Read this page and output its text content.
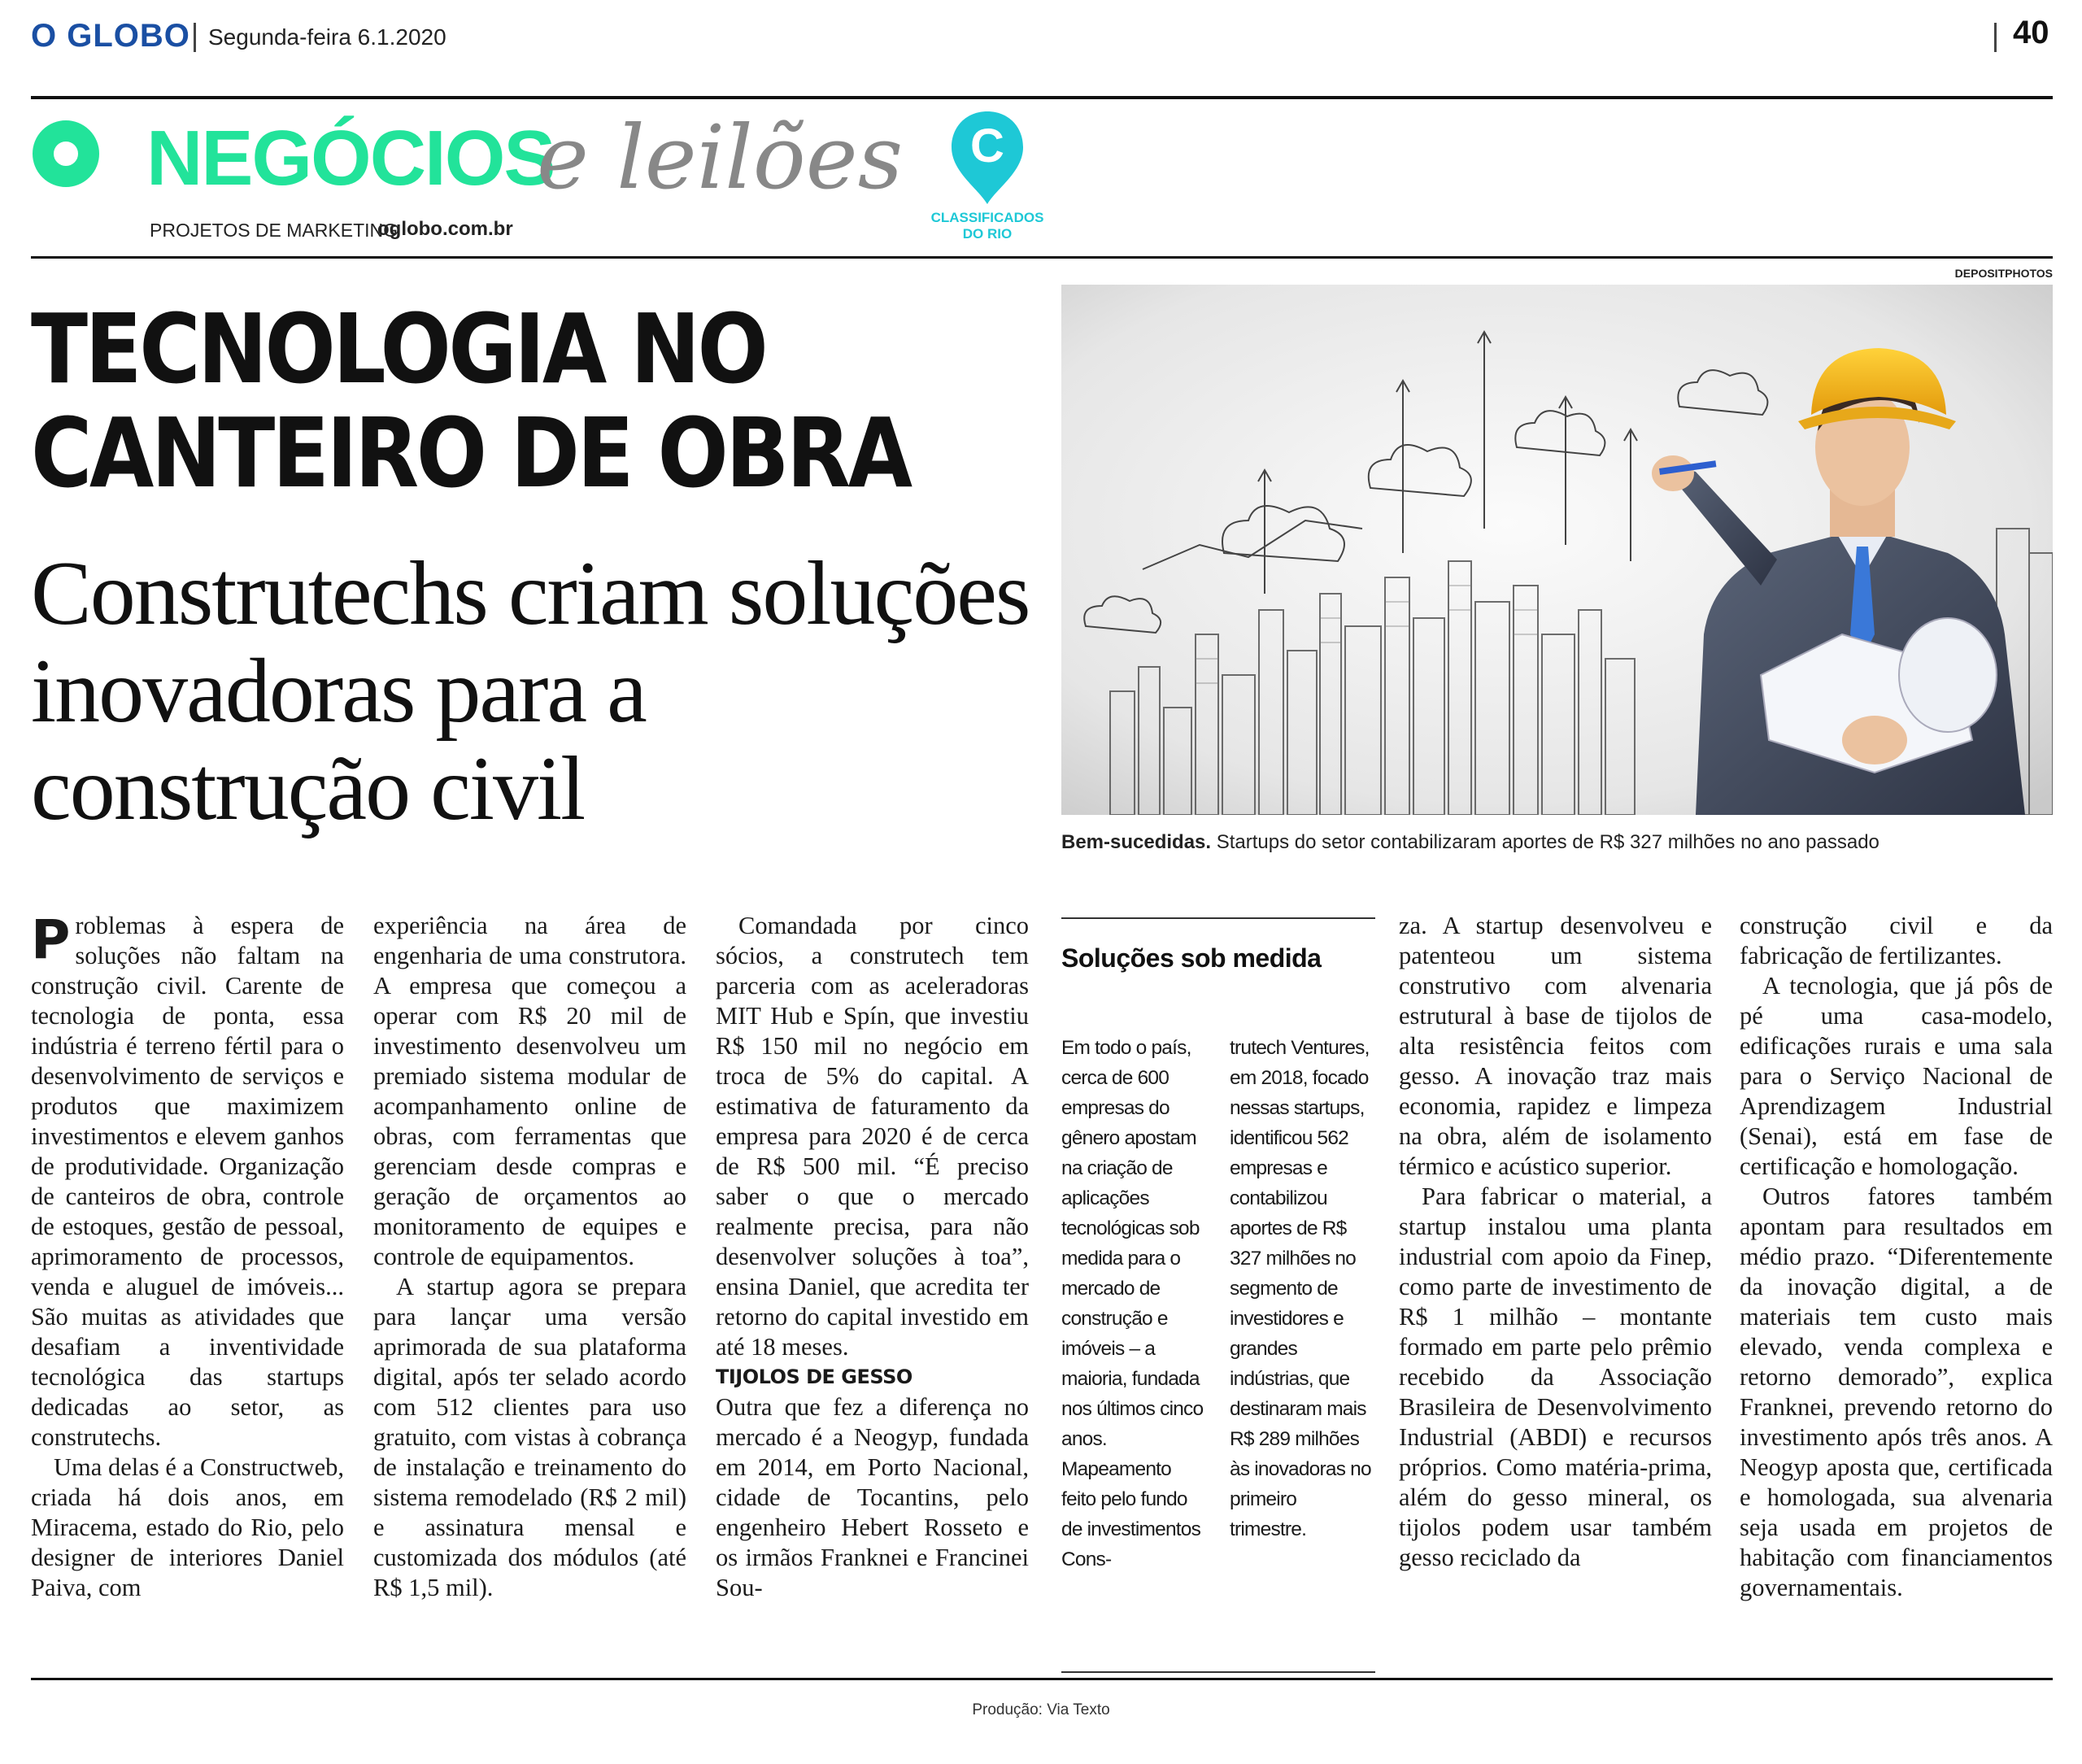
O GLOBO Segunda-feira 6.1.2020	40
NEGÓCIOS
e leilões
PROJETOS DE MARKETING
oglobo.com.br
C
CLASSIFICADOS
DO RIO
TECNOLOGIA NO
CANTEIRO DE OBRA
Construtechs criam soluções inovadoras para a construção civil
DEPOSITPHOTOS
Bem-sucedidas. Startups do setor contabilizaram aportes de R$ 327 milhões no ano passado

Problemas à espera de soluções não faltam na construção civil. Carente de tecnologia de ponta, essa indústria é terreno fértil para o desenvolvimento de serviços e produtos que maximizem investimentos e elevem ganhos de produtividade. Organização de canteiros de obra, controle de estoques, gestão de pessoal, aprimoramento de processos, venda e aluguel de imóveis... São muitas as atividades que desafiam a inventividade tecnológica das startups dedicadas ao setor, as construtechs.

Uma delas é a Constructweb, criada há dois anos, em Miracema, estado do Rio, pelo designer de interiores Daniel Paiva, com

experiência na área de engenharia de uma construtora. A empresa que começou a operar com R$ 20 mil de investimento desenvolveu um premiado sistema modular de acompanhamento online de obras, com ferramentas que gerenciam desde compras e geração de orçamentos ao monitoramento de equipes e controle de equipamentos.

A startup agora se prepara para lançar uma versão aprimorada de sua plataforma digital, após ter selado acordo com 512 clientes para uso gratuito, com vistas à cobrança de instalação e treinamento do sistema remodelado (R$ 2 mil) e assinatura mensal e customizada dos módulos (até R$ 1,5 mil).

Comandada por cinco sócios, a construtech tem parceria com as aceleradoras MIT Hub e Spín, que investiu R$ 150 mil no negócio em troca de 5% do capital. A estimativa de faturamento da empresa para 2020 é de cerca de R$ 500 mil. “É preciso saber o que o mercado realmente precisa, para não desenvolver soluções à toa”, ensina Daniel, que acredita ter retorno do capital investido em até 18 meses.

TIJOLOS DE GESSO

Outra que fez a diferença no mercado é a Neogyp, fundada em 2014, em Porto Nacional, cidade de Tocantins, pelo engenheiro Hebert Rosseto e os irmãos Franknei e Francinei Sou-

Soluções sob medida
Em todo o país, cerca de 600 empresas do gênero apostam na criação de aplicações tecnológicas sob medida para o mercado de construção e imóveis – a maioria, fundada nos últimos cinco anos. Mapeamento feito pelo fundo de investimentos Cons-
trutech Ventures, em 2018, focado nessas startups, identificou 562 empresas e contabilizou aportes de R$ 327 milhões no segmento de investidores e grandes indústrias, que destinaram mais R$ 289 milhões às inovadoras no primeiro trimestre.

za. A startup desenvolveu e patenteou um sistema construtivo com alvenaria estrutural à base de tijolos de alta resistência feitos com gesso. A inovação traz mais economia, rapidez e limpeza na obra, além de isolamento térmico e acústico superior.

Para fabricar o material, a startup instalou uma planta industrial com apoio da Finep, como parte de investimento de R$ 1 milhão – montante formado em parte pelo prêmio recebido da Associação Brasileira de Desenvolvimento Industrial (ABDI) e recursos próprios. Como matéria-prima, além do gesso mineral, os tijolos podem usar também gesso reciclado da

construção civil e da fabricação de fertilizantes.

A tecnologia, que já pôs de pé uma casa-modelo, edificações rurais e uma sala para o Serviço Nacional de Aprendizagem Industrial (Senai), está em fase de certificação e homologação.

Outros fatores também apontam para resultados em médio prazo. “Diferentemente da inovação digital, a de materiais tem custo mais elevado, venda complexa e retorno demorado”, explica Franknei, prevendo retorno do investimento após três anos. A Neogyp aposta que, certificada e homologada, sua alvenaria seja usada em projetos de habitação com financiamentos governamentais.

Produção: Via Texto
